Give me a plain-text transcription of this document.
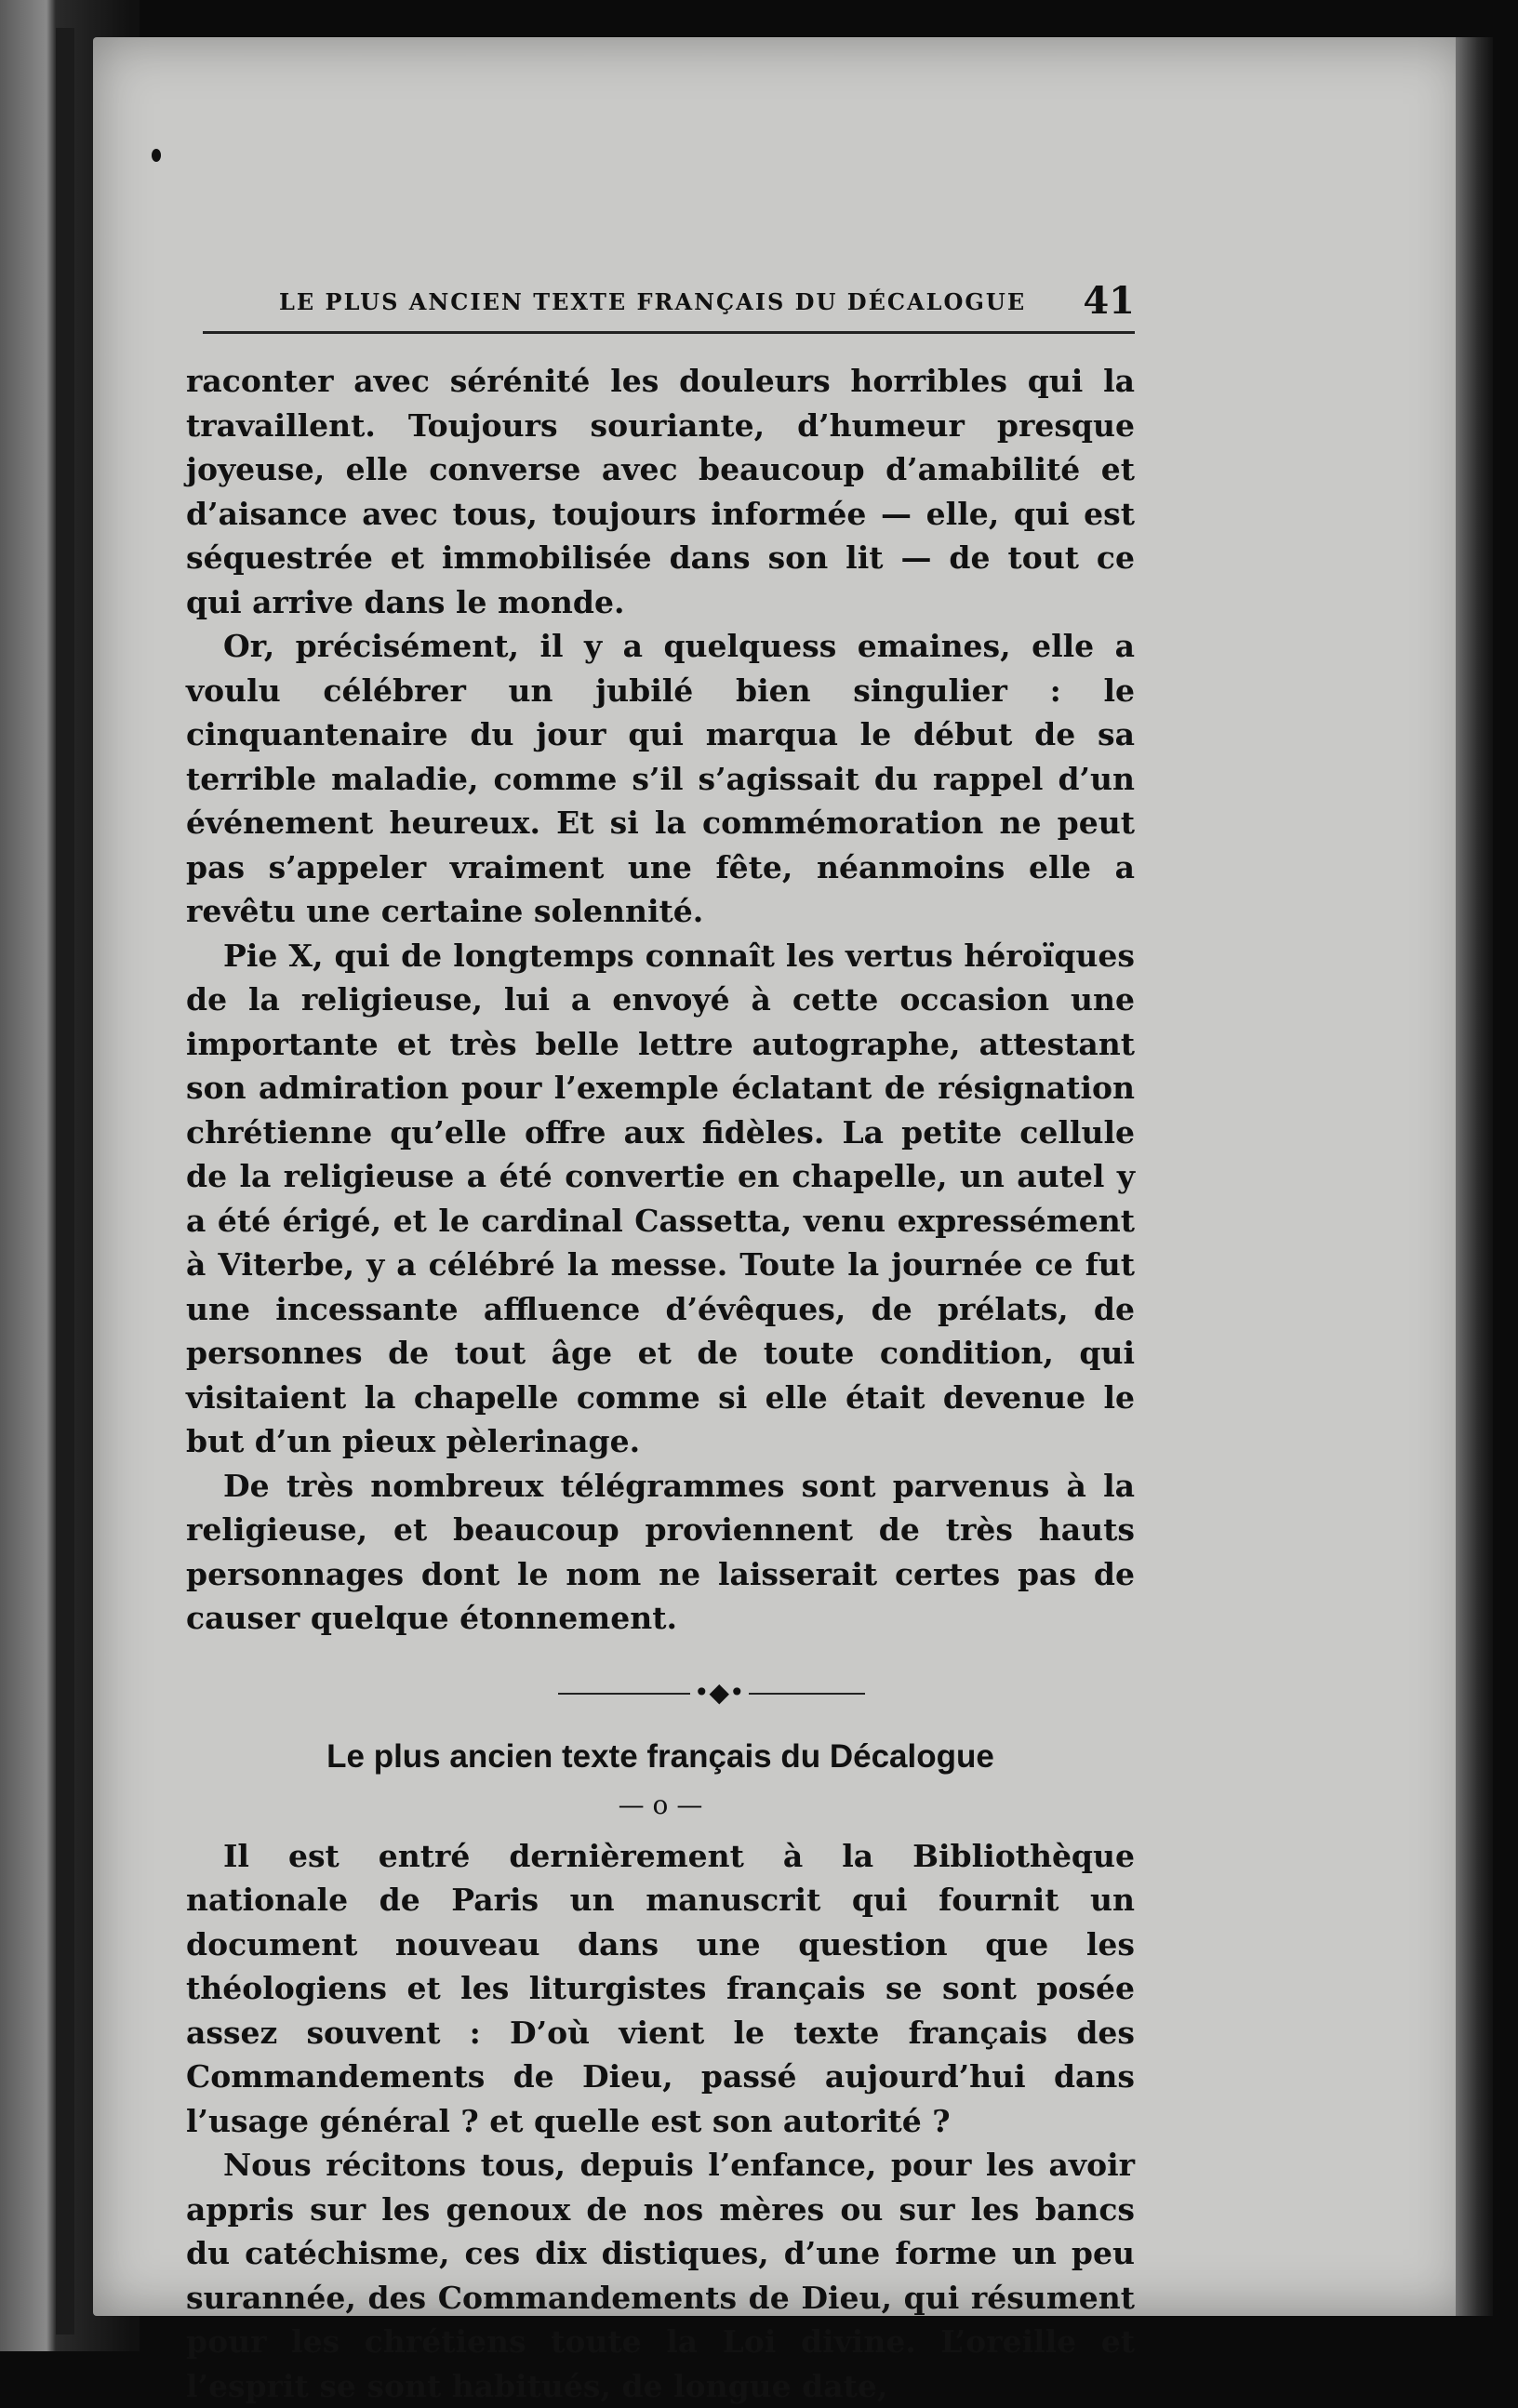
LE PLUS ANCIEN TEXTE FRANÇAIS DU DÉCALOGUE 41

raconter avec sérénité les douleurs horribles qui la travaillent. Toujours souriante, d’humeur presque joyeuse, elle converse avec beaucoup d’amabilité et d’aisance avec tous, toujours informée — elle, qui est séquestrée et immobilisée dans son lit — de tout ce qui arrive dans le monde.

Or, précisément, il y a quelquess emaines, elle a voulu célébrer un jubilé bien singulier : le cinquantenaire du jour qui marqua le début de sa terrible maladie, comme s’il s’agissait du rappel d’un événement heureux. Et si la commémoration ne peut pas s’appeler vraiment une fête, néanmoins elle a revêtu une certaine solennité.

Pie X, qui de longtemps connaît les vertus héroïques de la religieuse, lui a envoyé à cette occasion une importante et très belle lettre autographe, attestant son admiration pour l’exemple éclatant de résignation chrétienne qu’elle offre aux fidèles. La petite cellule de la religieuse a été convertie en chapelle, un autel y a été érigé, et le cardinal Cassetta, venu expressément à Viterbe, y a célébré la messe. Toute la journée ce fut une incessante affluence d’évêques, de prélats, de personnes de tout âge et de toute condition, qui visitaient la chapelle comme si elle était devenue le but d’un pieux pèlerinage.

De très nombreux télégrammes sont parvenus à la religieuse, et beaucoup proviennent de très hauts personnages dont le nom ne laisserait certes pas de causer quelque étonnement.

•◆•
Le plus ancien texte français du Décalogue
— o —

Il est entré dernièrement à la Bibliothèque nationale de Paris un manuscrit qui fournit un document nouveau dans une question que les théologiens et les liturgistes français se sont posée assez souvent : D’où vient le texte français des Commandements de Dieu, passé aujourd’hui dans l’usage général ? et quelle est son autorité ?

Nous récitons tous, depuis l’enfance, pour les avoir appris sur les genoux de nos mères ou sur les bancs du catéchisme, ces dix distiques, d’une forme un peu surannée, des Commandements de Dieu, qui résument pour les chrétiens toute la Loi divine. L’oreille et l’esprit se sont habitués, de longue date,
